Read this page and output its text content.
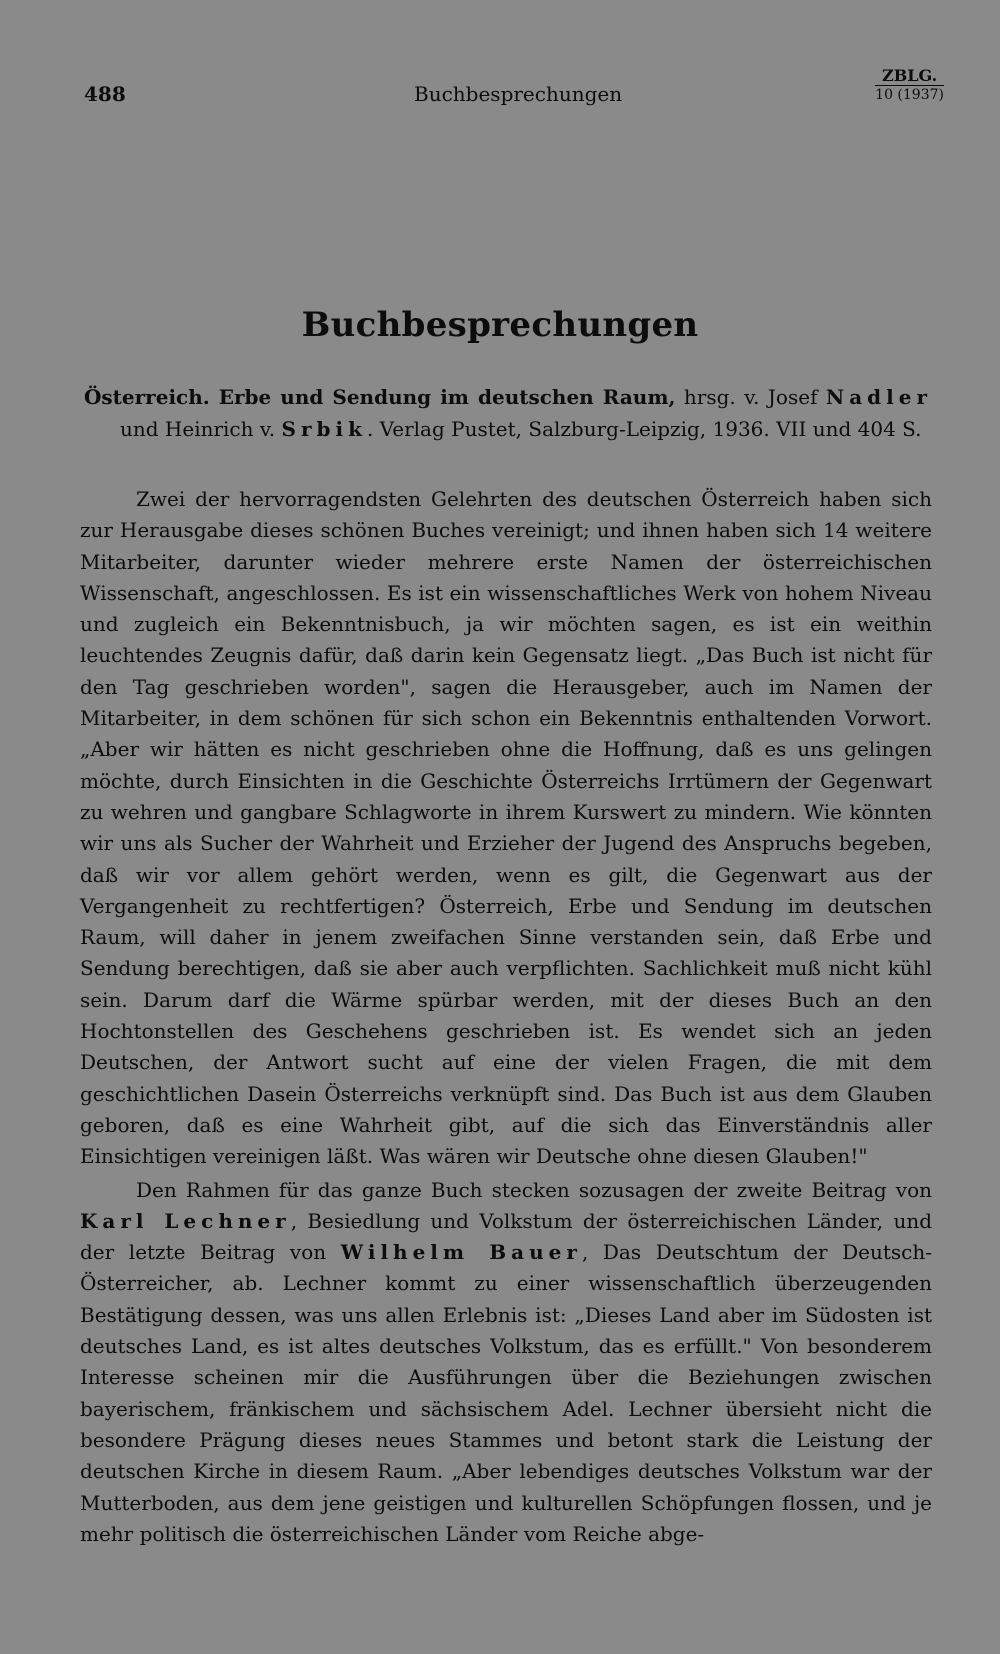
488	Buchbesprechungen
ZBLG.
10 (1937)
Buchbesprechungen
Österreich. Erbe und Sendung im deutschen Raum, hrsg. v. Josef Nadler und Heinrich v. Srbik. Verlag Pustet, Salzburg-Leipzig, 1936. VII und 404 S.

Zwei der hervorragendsten Gelehrten des deutschen Österreich haben sich zur Herausgabe dieses schönen Buches vereinigt; und ihnen haben sich 14 weitere Mitarbeiter, darunter wieder mehrere erste Namen der österreichischen Wissenschaft, angeschlossen. Es ist ein wissenschaftliches Werk von hohem Niveau und zugleich ein Bekenntnisbuch, ja wir möchten sagen, es ist ein weithin leuchtendes Zeugnis dafür, daß darin kein Gegensatz liegt. „Das Buch ist nicht für den Tag geschrieben worden", sagen die Herausgeber, auch im Namen der Mitarbeiter, in dem schönen für sich schon ein Bekenntnis enthaltenden Vorwort. „Aber wir hätten es nicht geschrieben ohne die Hoffnung, daß es uns gelingen möchte, durch Einsichten in die Geschichte Österreichs Irrtümern der Gegenwart zu wehren und gangbare Schlagworte in ihrem Kurswert zu mindern. Wie könnten wir uns als Sucher der Wahrheit und Erzieher der Jugend des Anspruchs begeben, daß wir vor allem gehört werden, wenn es gilt, die Gegenwart aus der Vergangenheit zu rechtfertigen? Österreich, Erbe und Sendung im deutschen Raum, will daher in jenem zweifachen Sinne verstanden sein, daß Erbe und Sendung berechtigen, daß sie aber auch verpflichten. Sachlichkeit muß nicht kühl sein. Darum darf die Wärme spürbar werden, mit der dieses Buch an den Hochtonstellen des Geschehens geschrieben ist. Es wendet sich an jeden Deutschen, der Antwort sucht auf eine der vielen Fragen, die mit dem geschichtlichen Dasein Österreichs verknüpft sind. Das Buch ist aus dem Glauben geboren, daß es eine Wahrheit gibt, auf die sich das Einverständnis aller Einsichtigen vereinigen läßt. Was wären wir Deutsche ohne diesen Glauben!"

Den Rahmen für das ganze Buch stecken sozusagen der zweite Beitrag von Karl Lechner, Besiedlung und Volkstum der österreichischen Länder, und der letzte Beitrag von Wilhelm Bauer, Das Deutschtum der Deutsch-Österreicher, ab. Lechner kommt zu einer wissenschaftlich überzeugenden Bestätigung dessen, was uns allen Erlebnis ist: „Dieses Land aber im Südosten ist deutsches Land, es ist altes deutsches Volkstum, das es erfüllt." Von besonderem Interesse scheinen mir die Ausführungen über die Beziehungen zwischen bayerischem, fränkischem und sächsischem Adel. Lechner übersieht nicht die besondere Prägung dieses neues Stammes und betont stark die Leistung der deutschen Kirche in diesem Raum. „Aber lebendiges deutsches Volkstum war der Mutterboden, aus dem jene geistigen und kulturellen Schöpfungen flossen, und je mehr politisch die österreichischen Länder vom Reiche abge-
